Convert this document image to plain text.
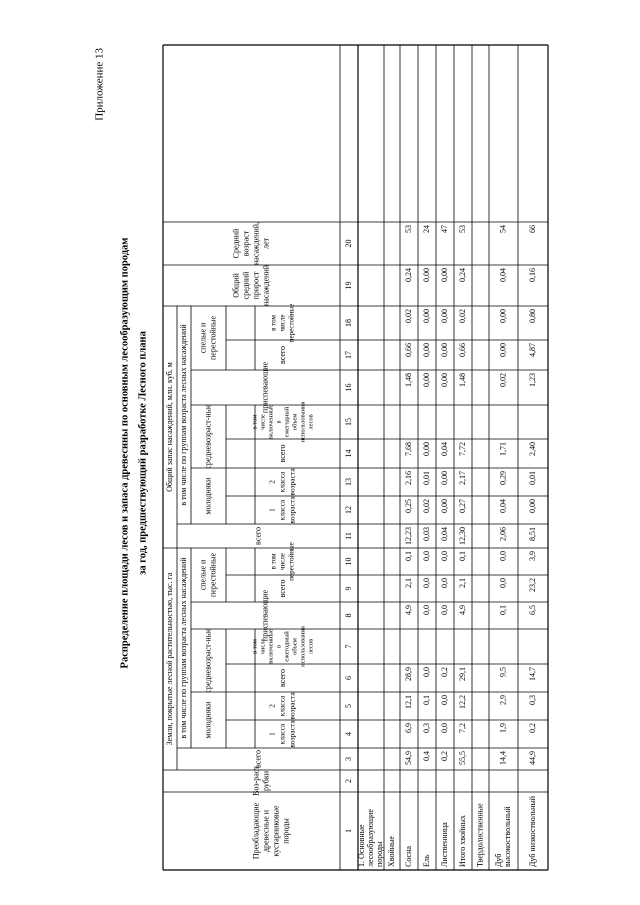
Приложение 13
Распределение площади лесов и запаса древесины по основным лесообразующим породам за год, предшествующий разработке Лесного плана
Преобладающиедревесные икустарниковыепороды
Воз-раструбки
Земли, покрытые лесной растительностью, тыс. га
Общий запас насаждений, млн. куб. м
всего
всего
в том числе по группам возраста лесных насаждений
в том числе по группам возраста лесных насаждений
молодняки
средневозраст-ные
приспевающие
спелые иперестойные
1классавозраста
2классавозраста
всего
в томчислевключенныевежегодныйобъемиспользованиялесов
всего
в томчислеперестойные
молодняки
средневозраст-ные
приспевающие
спелые иперестойные
1классавозраста
2классавозраста
всего
в томчислевключенныевежегодныйобъемиспользованиялесов
всего
в томчислеперестойные
Общийсреднийприростнасаждений
Среднийвозрастнасаждений,лет
1
2
3
4
5
6
7
8
9
10
11
12
13
14
15
16
17
18
19
20
1. Основныелесообразующиепороды Хвойные Сосна
54,9
6,9
12,1
28,9
4,9
2,1
0,1
12,23
0,25
2,16
7,68
1,48
0,66
0,02
0,24
53
Ель
0,4
0,3
0,1
0,0
0,0
0,0
0,0
0,03
0,02
0,01
0,00
0,00
0,00
0,00
0,00
24
Лиственница
0,2
0,0
0,0
0,2
0,0
0,0
0,0
0,04
0,00
0,00
0,04
0,00
0,00
0,00
0,00
47
Итого хвойных
55,5
7,2
12,2
29,1
4,9
2,1
0,1
12,30
0,27
2,17
7,72
1,48
0,66
0,02
0,24
53
Твердолиственные Дубвысокоствольный
14,4
1,9
2,9
9,5
0,1
0,0
0,0
2,06
0,04
0,29
1,71
0,02
0,00
0,00
0,04
54
Дуб низкоствольный
44,9
0,2
0,3
14,7
6,5
23,2
3,9
8,51
0,00
0,01
2,40
1,23
4,87
0,80
0,16
66
